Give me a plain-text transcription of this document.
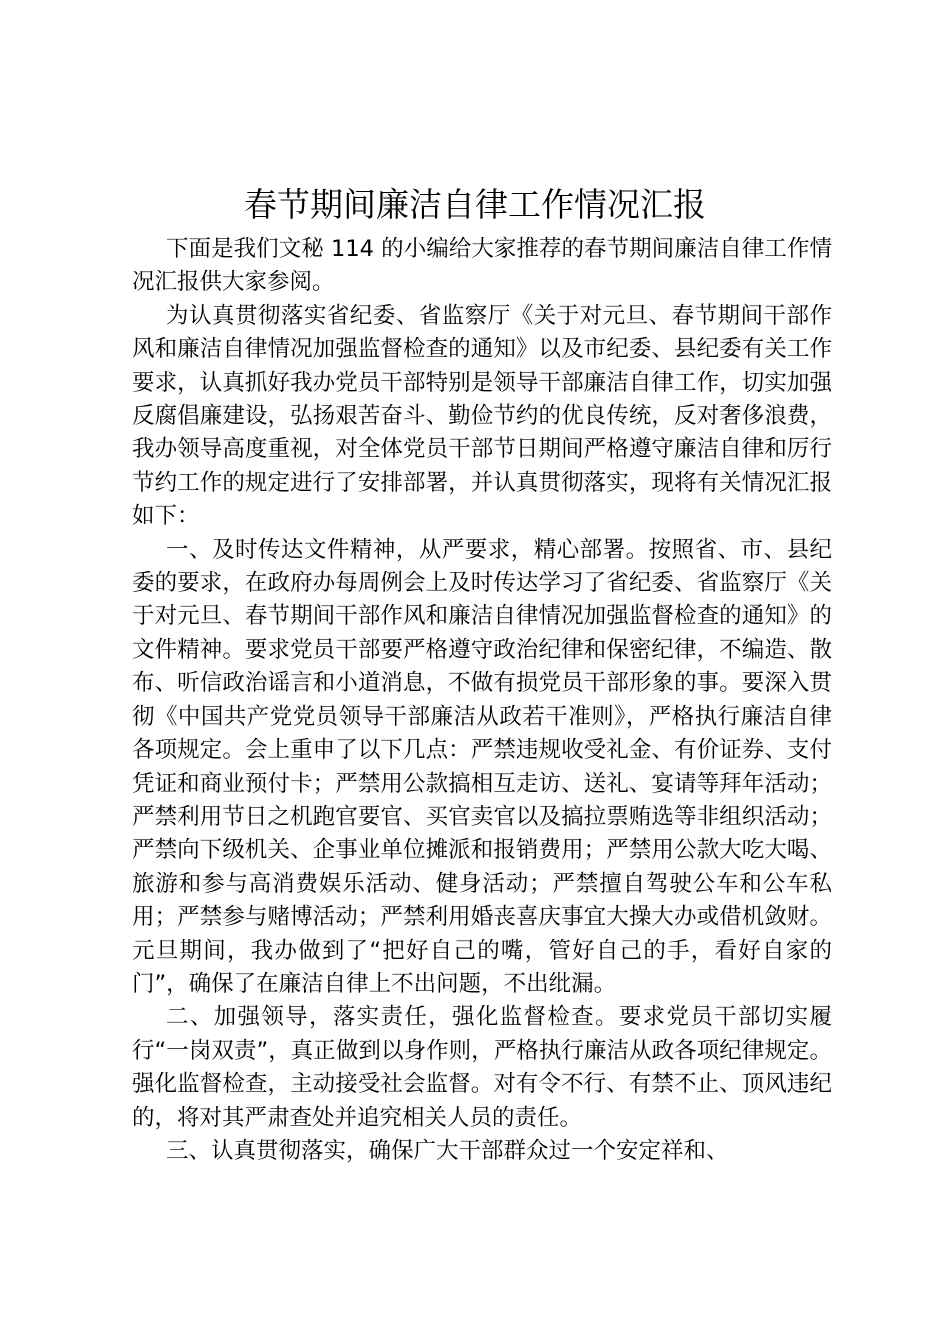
春节期间廉洁自律工作情况汇报

下面是我们文秘 114 的小编给大家推荐的春节期间廉洁自律工作情况汇报供大家参阅。

为认真贯彻落实省纪委、省监察厅《关于对元旦、春节期间干部作风和廉洁自律情况加强监督检查的通知》以及市纪委、县纪委有关工作要求，认真抓好我办党员干部特别是领导干部廉洁自律工作，切实加强反腐倡廉建设，弘扬艰苦奋斗、勤俭节约的优良传统，反对奢侈浪费，我办领导高度重视，对全体党员干部节日期间严格遵守廉洁自律和厉行节约工作的规定进行了安排部署，并认真贯彻落实，现将有关情况汇报如下：

一、及时传达文件精神，从严要求，精心部署。按照省、市、县纪委的要求，在政府办每周例会上及时传达学习了省纪委、省监察厅《关于对元旦、春节期间干部作风和廉洁自律情况加强监督检查的通知》的文件精神。要求党员干部要严格遵守政治纪律和保密纪律，不编造、散布、听信政治谣言和小道消息，不做有损党员干部形象的事。要深入贯彻《中国共产党党员领导干部廉洁从政若干准则》，严格执行廉洁自律各项规定。会上重申了以下几点：严禁违规收受礼金、有价证券、支付凭证和商业预付卡；严禁用公款搞相互走访、送礼、宴请等拜年活动；严禁利用节日之机跑官要官、买官卖官以及搞拉票贿选等非组织活动；严禁向下级机关、企事业单位摊派和报销费用；严禁用公款大吃大喝、旅游和参与高消费娱乐活动、健身活动；严禁擅自驾驶公车和公车私用；严禁参与赌博活动；严禁利用婚丧喜庆事宜大操大办或借机敛财。元旦期间，我办做到了“把好自己的嘴，管好自己的手，看好自家的门”，确保了在廉洁自律上不出问题，不出纰漏。

二、加强领导，落实责任，强化监督检查。要求党员干部切实履行“一岗双责”，真正做到以身作则，严格执行廉洁从政各项纪律规定。强化监督检查，主动接受社会监督。对有令不行、有禁不止、顶风违纪的，将对其严肃查处并追究相关人员的责任。

三、认真贯彻落实，确保广大干部群众过一个安定祥和、
